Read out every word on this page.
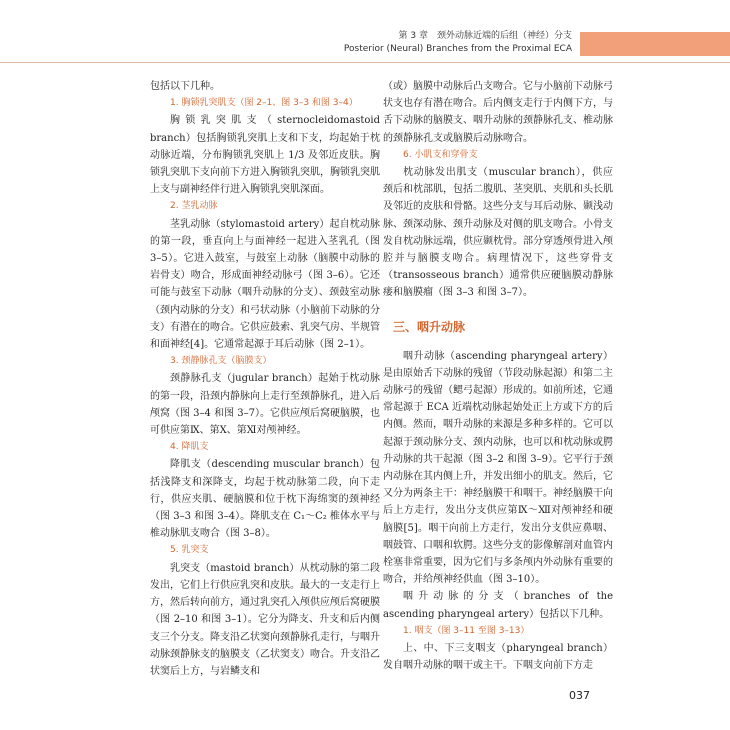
第 3 章　颈外动脉近端的后组（神经）分支
Posterior (Neural) Branches from the Proximal ECA

包括以下几种。

1. 胸锁乳突肌支（图 2–1、图 3–3 和图 3–4）

胸锁乳突肌支（sternocleidomastoid branch）包括胸锁乳突肌上支和下支，均起始于枕动脉近端，分布胸锁乳突肌上 1/3 及邻近皮肤。胸锁乳突肌下支向前下方进入胸锁乳突肌，胸锁乳突肌上支与副神经伴行进入胸锁乳突肌深面。

2. 茎乳动脉

茎乳动脉（stylomastoid artery）起自枕动脉的第一段，垂直向上与面神经一起进入茎乳孔（图 3–5）。它进入鼓室，与鼓室上动脉（脑膜中动脉的岩骨支）吻合，形成面神经动脉弓（图 3–6）。它还可能与鼓室下动脉（咽升动脉的分支）、颈鼓室动脉（颈内动脉的分支）和弓状动脉（小脑前下动脉的分支）有潜在的吻合。它供应鼓索、乳突气房、半规管和面神经[4]。它通常起源于耳后动脉（图 2–1）。

3. 颈静脉孔支（脑膜支）

颈静脉孔支（jugular branch）起始于枕动脉的第一段，沿颈内静脉向上走行至颈静脉孔，进入后颅窝（图 3–4 和图 3–7）。它供应颅后窝硬脑膜，也可供应第Ⅸ、第Ⅹ、第Ⅺ对颅神经。

4. 降肌支

降肌支（descending muscular branch）包括浅降支和深降支，均起于枕动脉第二段，向下走行，供应夹肌、硬脑膜和位于枕下海绵窦的颈神经（图 3–3 和图 3–4）。降肌支在 C₁～C₂ 椎体水平与椎动脉肌支吻合（图 3–8）。

5. 乳突支

乳突支（mastoid branch）从枕动脉的第二段发出，它们上行供应乳突和皮肤。最大的一支走行上方，然后转向前方，通过乳突孔入颅供应颅后窝硬膜（图 2–10 和图 3–1）。它分为降支、升支和后内侧支三个分支。降支沿乙状窦向颈静脉孔走行，与咽升动脉颈静脉支的脑膜支（乙状窦支）吻合。升支沿乙状窦后上方，与岩鳞支和

（或）脑膜中动脉后凸支吻合。它与小脑前下动脉弓状支也存有潜在吻合。后内侧支走行于内侧下方，与舌下动脉的脑膜支、咽升动脉的颈静脉孔支、椎动脉的颈静脉孔支或脑膜后动脉吻合。

6. 小肌支和穿骨支

枕动脉发出肌支（muscular branch），供应颈后和枕部肌，包括二腹肌、茎突肌、夹肌和头长肌及邻近的皮肤和骨骼。这些分支与耳后动脉、颞浅动脉、颈深动脉、颈升动脉及对侧的肌支吻合。小骨支发自枕动脉远端，供应颞枕骨。部分穿透颅骨进入颅腔并与脑膜支吻合。病理情况下，这些穿骨支（transosseous branch）通常供应硬脑膜动静脉瘘和脑膜瘤（图 3–3 和图 3–7）。

三、咽升动脉

咽升动脉（ascending pharyngeal artery）是由原始舌下动脉的残留（节段动脉起源）和第二主动脉弓的残留（鳃弓起源）形成的。如前所述，它通常起源于 ECA 近端枕动脉起始处正上方或下方的后内侧。然而，咽升动脉的来源是多种多样的。它可以起源于颈动脉分支、颈内动脉，也可以和枕动脉或腭升动脉的共干起源（图 3–2 和图 3–9）。它平行于颈内动脉在其内侧上升，并发出细小的肌支。然后，它又分为两条主干：神经脑膜干和咽干。神经脑膜干向后上方走行，发出分支供应第Ⅸ～Ⅻ对颅神经和硬脑膜[5]。咽干向前上方走行，发出分支供应鼻咽、咽鼓管、口咽和软腭。这些分支的影像解剖对血管内栓塞非常重要，因为它们与多条颅内外动脉有重要的吻合，并给颅神经供血（图 3–10）。

咽升动脉的分支（branches of the ascending pharyngeal artery）包括以下几种。

1. 咽支（图 3–11 至图 3–13）

上、中、下三支咽支（pharyngeal branch）发自咽升动脉的咽干或主干。下咽支向前下方走

037
